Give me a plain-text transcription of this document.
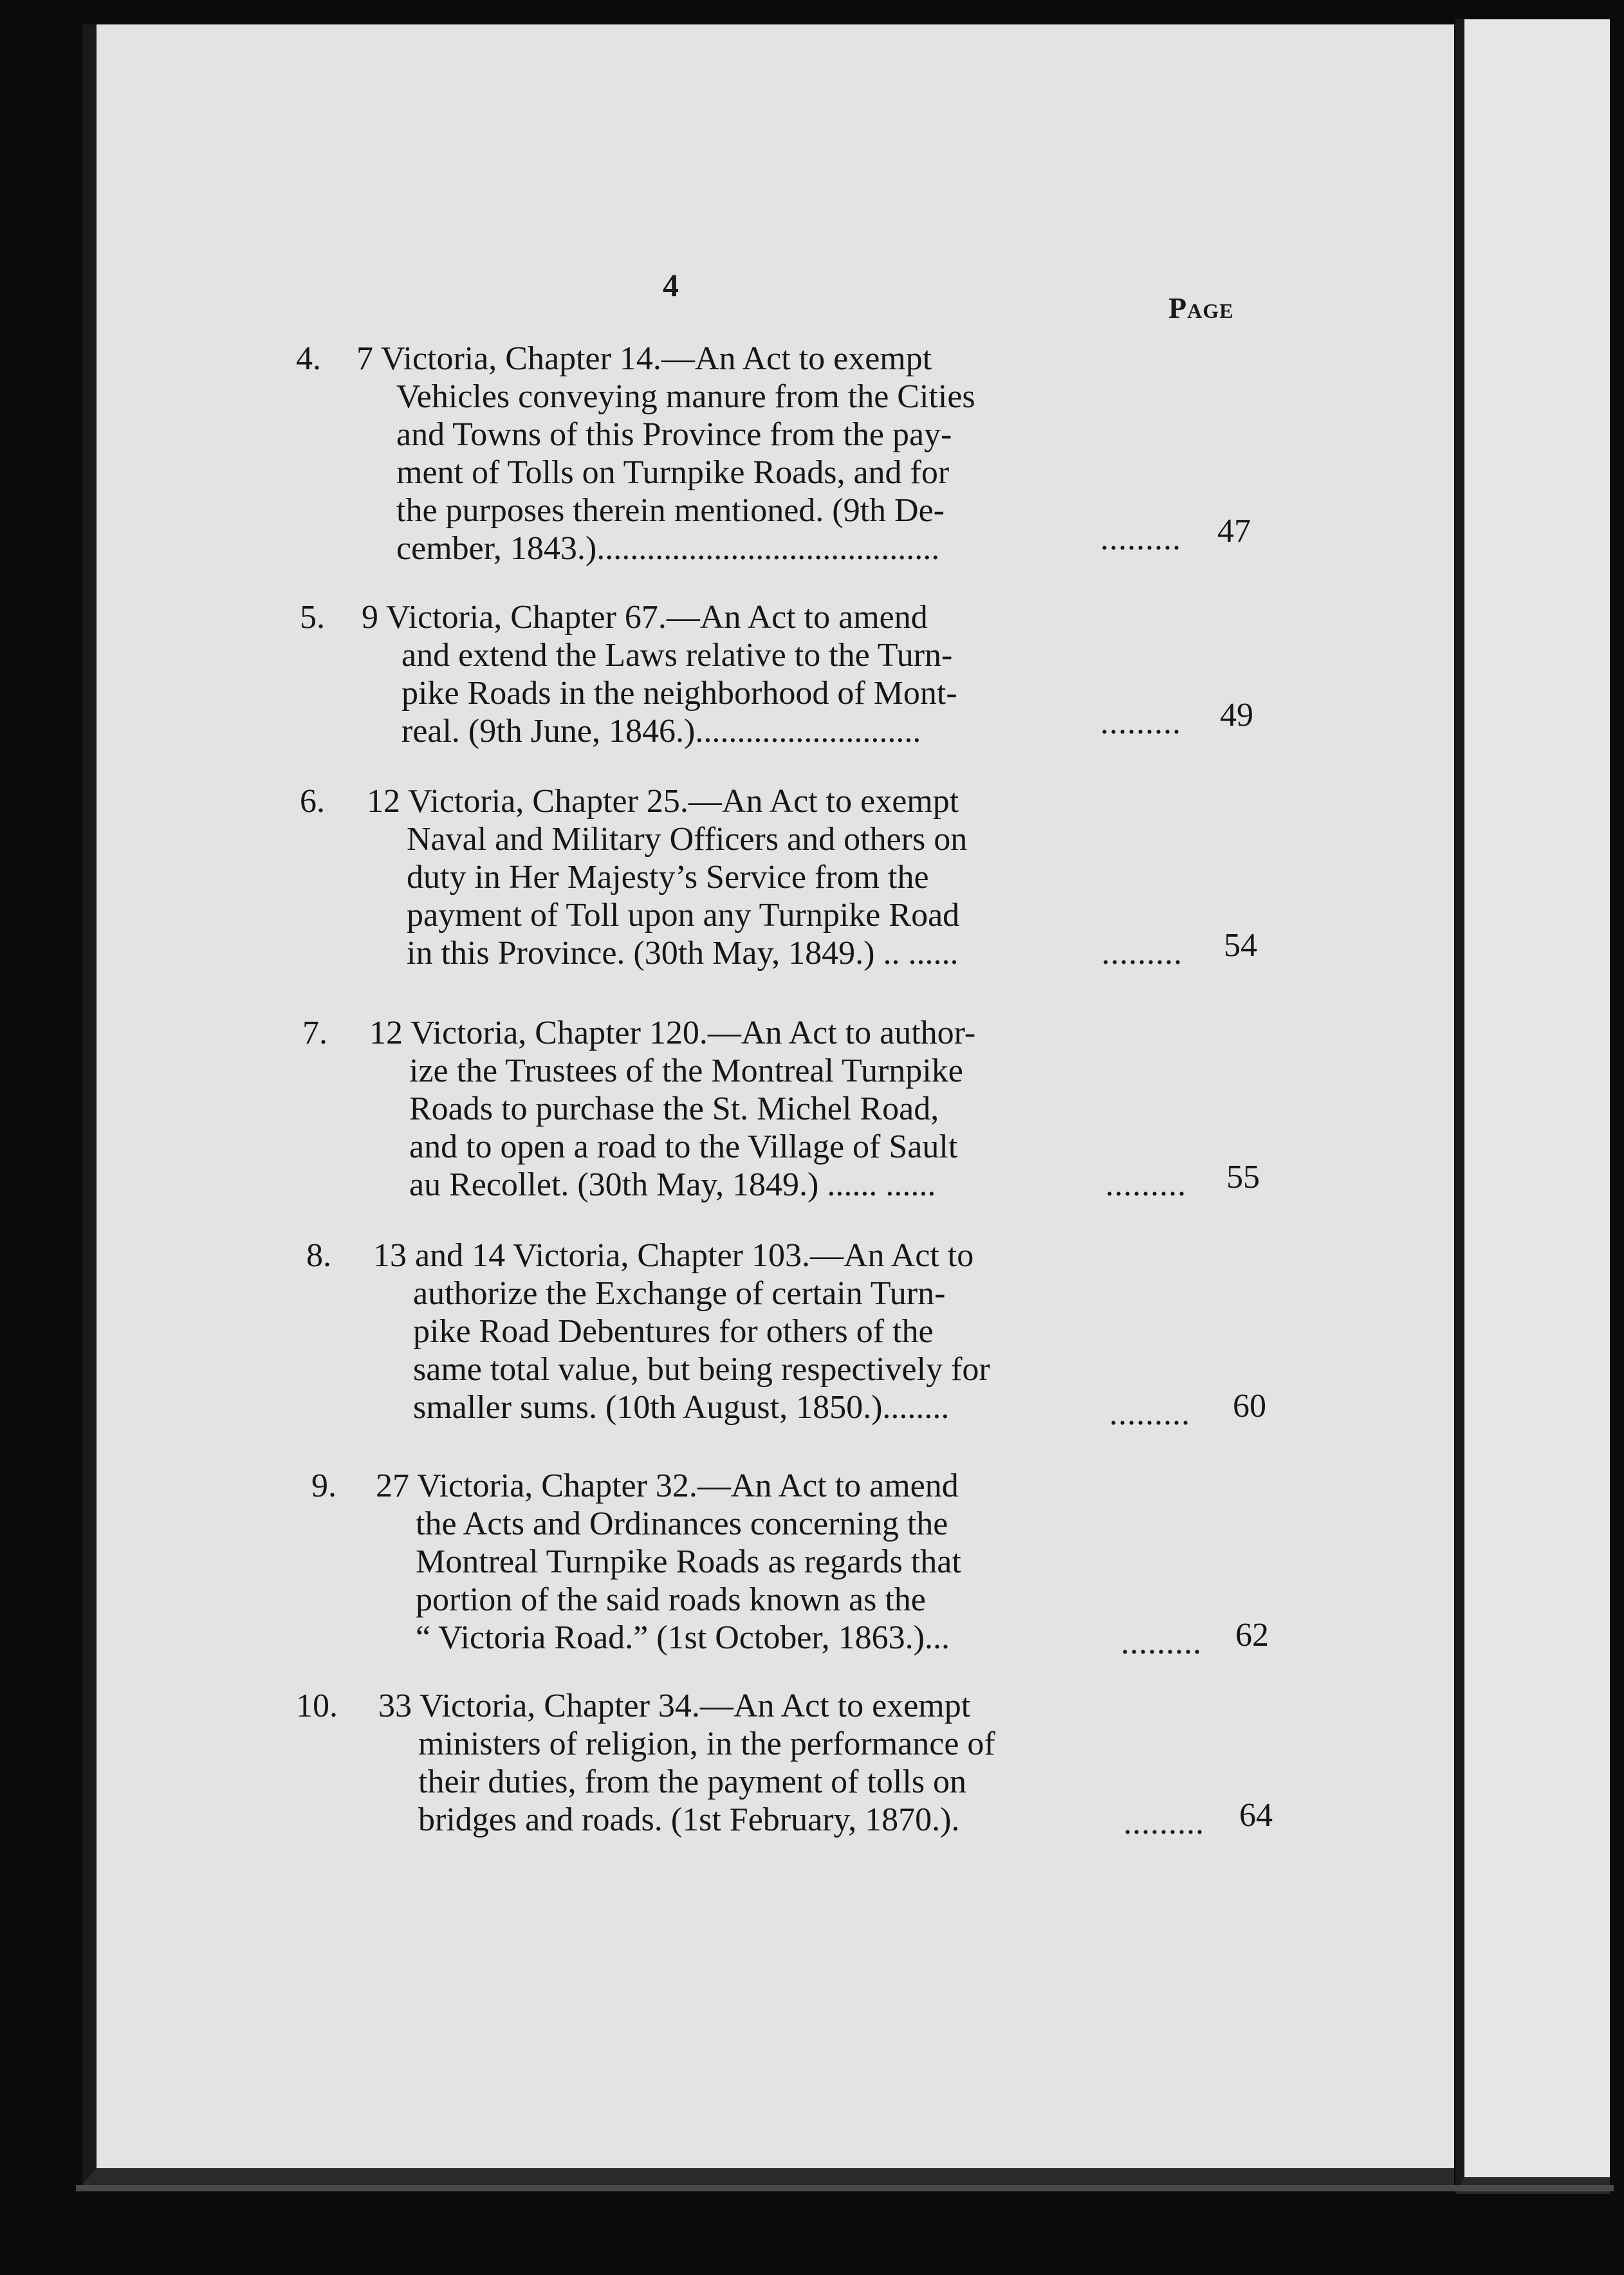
4
Page
4. 7 Victoria, Chapter 14.—An Act to exempt
Vehicles conveying manure from the Cities
and Towns of this Province from the pay-
ment of Tolls on Turnpike Roads, and for
the purposes therein mentioned. (9th De-
cember, 1843.).........................................	......... 47
5. 9 Victoria, Chapter 67.—An Act to amend
and extend the Laws relative to the Turn-
pike Roads in the neighborhood of Mont-
real. (9th June, 1846.)...........................	......... 49
6. 12 Victoria, Chapter 25.—An Act to exempt
Naval and Military Officers and others on
duty in Her Majesty’s Service from the
payment of Toll upon any Turnpike Road
in this Province. (30th May, 1849.) .. ......	......... 54
7. 12 Victoria, Chapter 120.—An Act to author-
ize the Trustees of the Montreal Turnpike
Roads to purchase the St. Michel Road,
and to open a road to the Village of Sault
au Recollet. (30th May, 1849.) ...... ......	......... 55
8. 13 and 14 Victoria, Chapter 103.—An Act to
authorize the Exchange of certain Turn-
pike Road Debentures for others of the
same total value, but being respectively for
smaller sums. (10th August, 1850.)........	......... 60
9. 27 Victoria, Chapter 32.—An Act to amend
the Acts and Ordinances concerning the
Montreal Turnpike Roads as regards that
portion of the said roads known as the
“ Victoria Road.” (1st October, 1863.)...	......... 62
10. 33 Victoria, Chapter 34.—An Act to exempt
ministers of religion, in the performance of
their duties, from the payment of tolls on
bridges and roads. (1st February, 1870.).	......... 64
